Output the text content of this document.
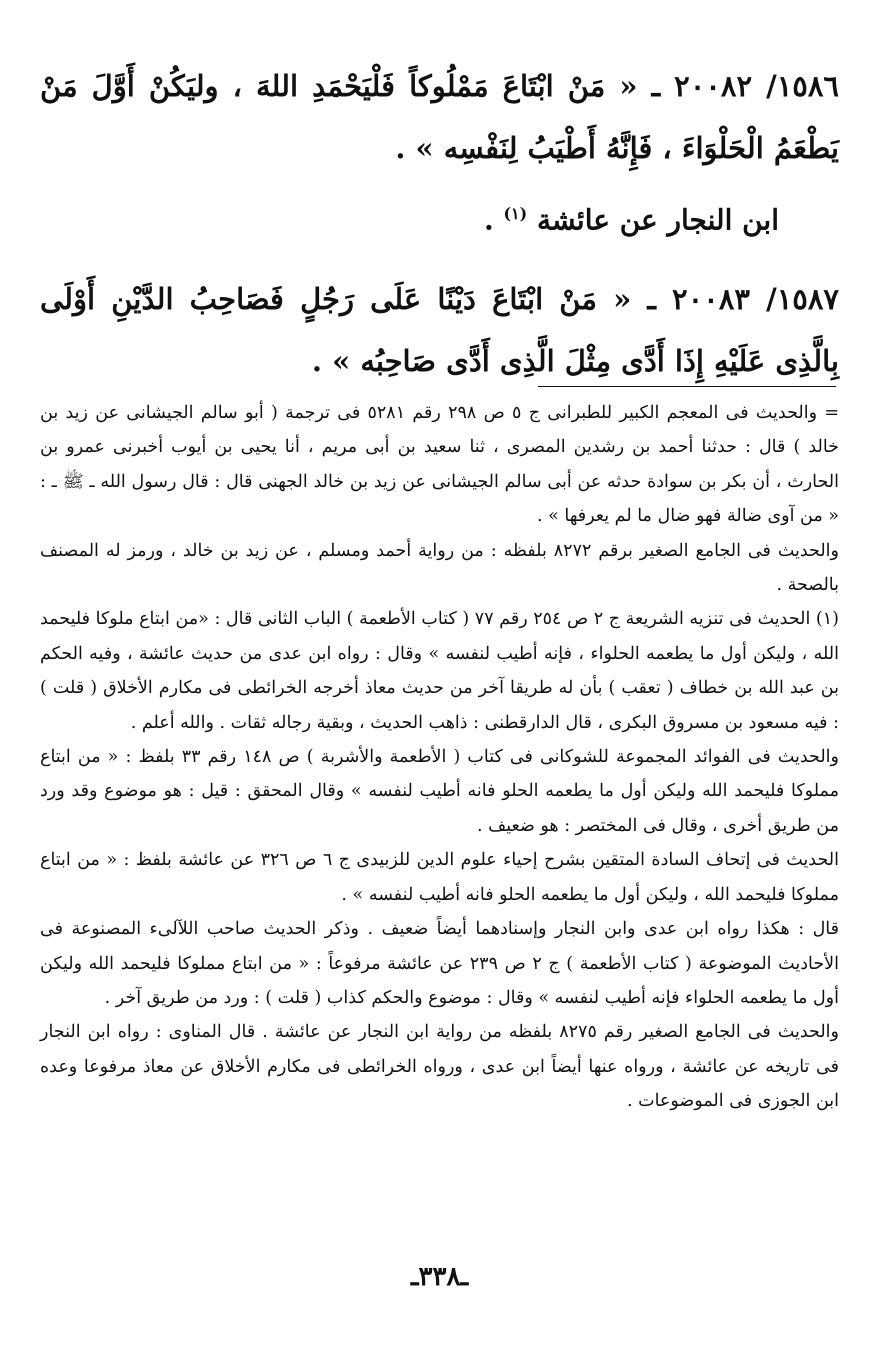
١٥٨٦/ ٢٠٠٨٢ ـ « مَنْ ابْتَاعَ مَمْلُوكاً فَلْيَحْمَدِ اللهَ ، وليَكُنْ أَوَّلَ مَنْ يَطْعَمُ الْحَلْوَاءَ ، فَإِنَّهُ أَطْيَبُ لِنَفْسِه » .
ابن النجار عن عائشة $^{(١)}$ .
١٥٨٧/ ٢٠٠٨٣ ـ « مَنْ ابْتَاعَ دَيْنًا عَلَى رَجُلٍ فَصَاحِبُ الدَّيْنِ أَوْلَى بِالَّذِى عَلَيْهِ إِذَا أَدَّى مِثْلَ الَّذِى أَدَّى صَاحِبُه » .

= والحديث فى المعجم الكبير للطبرانى ج ٥ ص ٢٩٨ رقم ٥٢٨١ فى ترجمة ( أبو سالم الجيشانى عن زيد بن خالد ) قال : حدثنا أحمد بن رشدين المصرى ، ثنا سعيد بن أبى مريم ، أنا يحيى بن أيوب أخبرنى عمرو بن الحارث ، أن بكر بن سوادة حدثه عن أبى سالم الجيشانى عن زيد بن خالد الجهنى قال : قال رسول الله ـ ﷺ ـ : « من آوى ضالة فهو ضال ما لم يعرفها » .

والحديث فى الجامع الصغير برقم ٨٢٧٢ بلفظه : من رواية أحمد ومسلم ، عن زيد بن خالد ، ورمز له المصنف بالصحة .

(١) الحديث فى تنزيه الشريعة ج ٢ ص ٢٥٤ رقم ٧٧ ( كتاب الأطعمة ) الباب الثانى قال : «من ابتاع ملوكا فليحمد الله ، وليكن أول ما يطعمه الحلواء ، فإنه أطيب لنفسه » وقال : رواه ابن عدى من حديث عائشة ، وفيه الحكم بن عبد الله بن خطاف ( تعقب ) بأن له طريقا آخر من حديث معاذ أخرجه الخرائطى فى مكارم الأخلاق ( قلت ) : فيه مسعود بن مسروق البكرى ، قال الدارقطنى : ذاهب الحديث ، وبقية رجاله ثقات . والله أعلم .

والحديث فى الفوائد المجموعة للشوكانى فى كتاب ( الأطعمة والأشربة ) ص ١٤٨ رقم ٣٣ بلفظ : « من ابتاع مملوكا فليحمد الله وليكن أول ما يطعمه الحلو فانه أطيب لنفسه » وقال المحقق : قيل : هو موضوع وقد ورد من طريق أخرى ، وقال فى المختصر : هو ضعيف .

الحديث فى إتحاف السادة المتقين بشرح إحياء علوم الدين للزبيدى ج ٦ ص ٣٢٦ عن عائشة بلفظ : « من ابتاع مملوكا فليحمد الله ، وليكن أول ما يطعمه الحلو فانه أطيب لنفسه » .

قال : هكذا رواه ابن عدى وابن النجار وإسنادهما أيضاً ضعيف . وذكر الحديث صاحب اللآلىء المصنوعة فى الأحاديث الموضوعة ( كتاب الأطعمة ) ج ٢ ص ٢٣٩ عن عائشة مرفوعاً : « من ابتاع مملوكا فليحمد الله وليكن أول ما يطعمه الحلواء فإنه أطيب لنفسه » وقال : موضوع والحكم كذاب ( قلت ) : ورد من طريق آخر .

والحديث فى الجامع الصغير رقم ٨٢٧٥ بلفظه من رواية ابن النجار عن عائشة . قال المناوى : رواه ابن النجار فى تاريخه عن عائشة ، ورواه عنها أيضاً ابن عدى ، ورواه الخرائطى فى مكارم الأخلاق عن معاذ مرفوعا وعده ابن الجوزى فى الموضوعات .

ـ٣٣٨ـ
